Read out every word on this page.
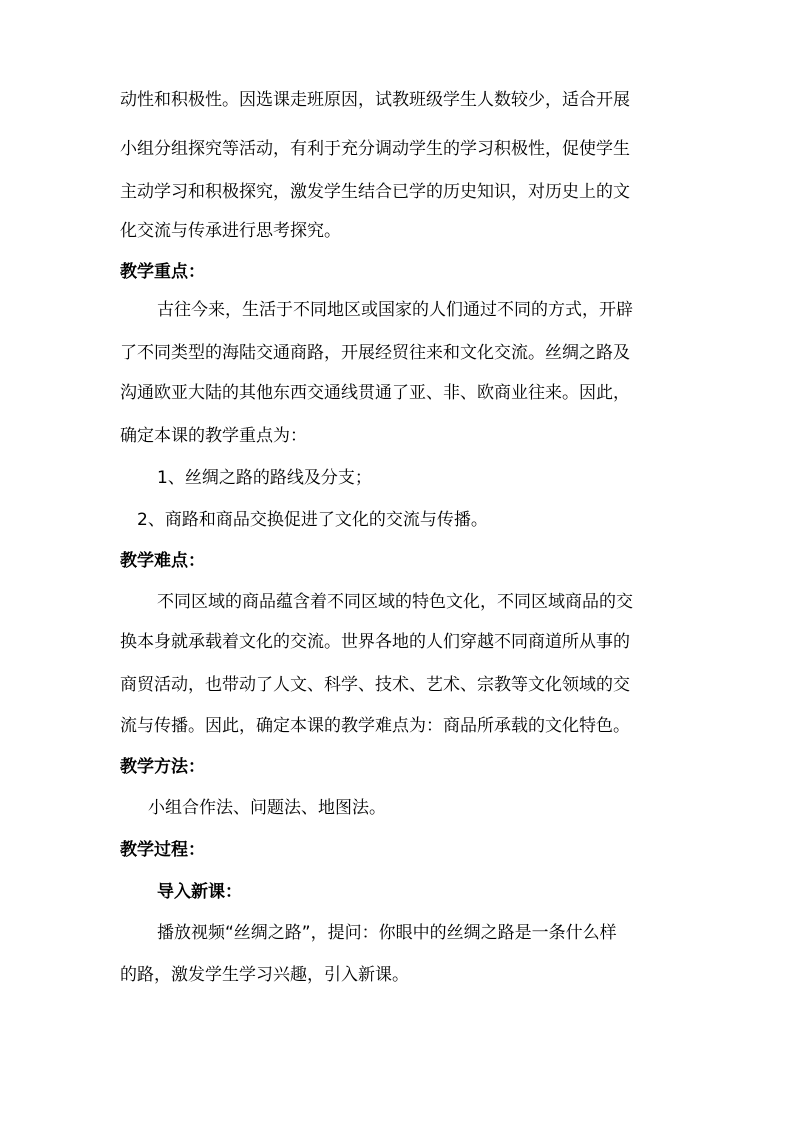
动性和积极性。因选课走班原因，试教班级学生人数较少，适合开展
小组分组探究等活动，有利于充分调动学生的学习积极性，促使学生
主动学习和积极探究，激发学生结合已学的历史知识，对历史上的文
化交流与传承进行思考探究。
教学重点：
古往今来，生活于不同地区或国家的人们通过不同的方式，开辟
了不同类型的海陆交通商路，开展经贸往来和文化交流。丝绸之路及
沟通欧亚大陆的其他东西交通线贯通了亚、非、欧商业往来。因此，
确定本课的教学重点为：
1、丝绸之路的路线及分支；
2、商路和商品交换促进了文化的交流与传播。
教学难点：
不同区域的商品蕴含着不同区域的特色文化，不同区域商品的交
换本身就承载着文化的交流。世界各地的人们穿越不同商道所从事的
商贸活动，也带动了人文、科学、技术、艺术、宗教等文化领域的交
流与传播。因此，确定本课的教学难点为：商品所承载的文化特色。
教学方法：
小组合作法、问题法、地图法。
教学过程：
导入新课：
播放视频“丝绸之路”，提问：你眼中的丝绸之路是一条什么样
的路，激发学生学习兴趣，引入新课。
